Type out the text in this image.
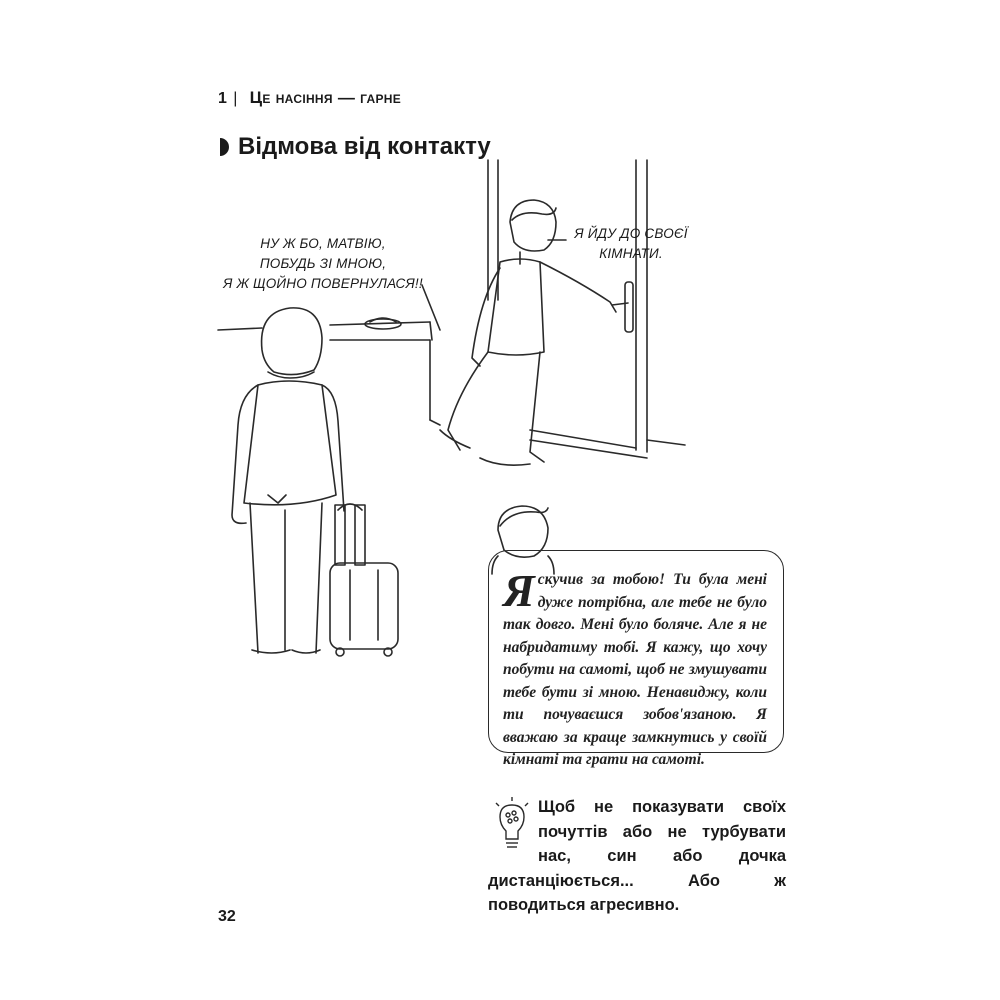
1 | Це насіння — гарне
Відмова від контакту
НУ Ж БО, МАТВІЮ,
ПОБУДЬ ЗІ МНОЮ,
Я Ж ЩОЙНО ПОВЕРНУЛАСЯ!!
Я ЙДУ ДО СВОЄЇ
КІМНАТИ.
Яскучив за тобою! Ти була мені дуже потрібна, але тебе не було так довго. Мені було боляче. Але я не набридатиму тобі. Я кажу, що хочу побути на самоті, щоб не змушувати тебе бути зі мною. Ненавиджу, коли ти почуваєшся зобов'язаною. Я вважаю за краще замкнутись у своїй кімнаті та грати на самоті.
Щоб не показувати своїх почуттів або не турбувати нас, син або дочка дистанціюється... Або ж поводиться агресивно.
32
